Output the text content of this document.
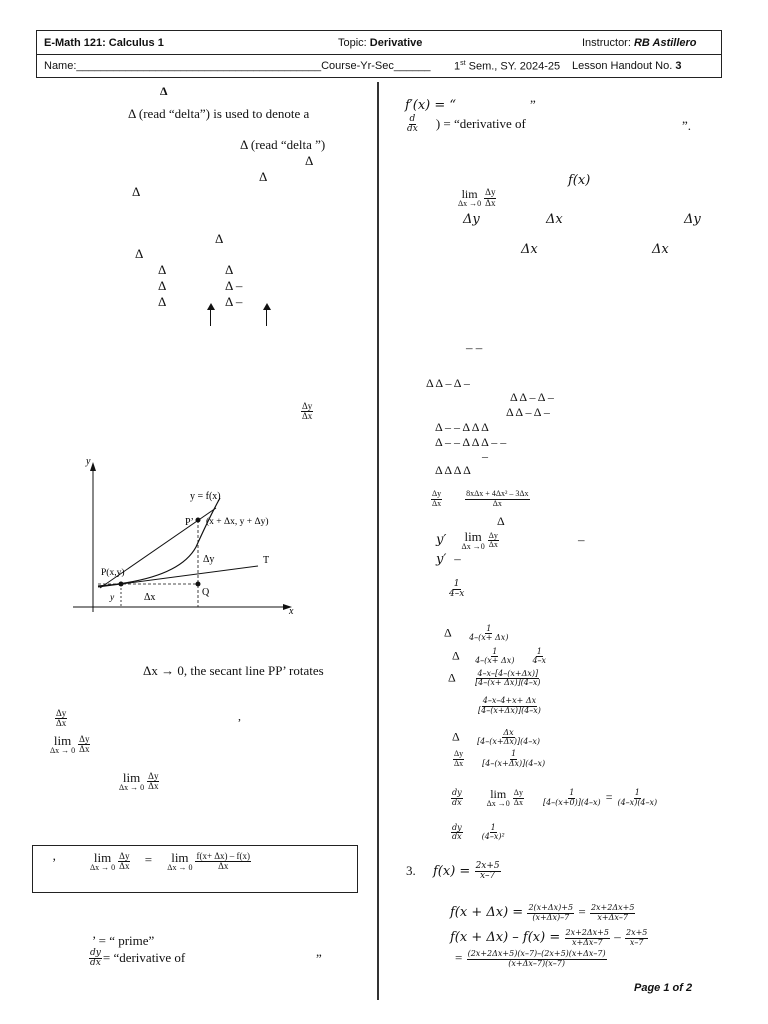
E-Math 121: Calculus 1	Topic: Derivative	Instructor: RB Astillero
Name:________________________________________Course-Yr-Sec______ 1st Sem., SY. 2024-25 Lesson Handout No. 3
Δ
Δ (read “delta”) is used to denote a
Δ (read “delta ”)
Δ
Δ
Δ
Δ
Δ
Δ	Δ
Δ	Δ –
Δ	Δ –
$\frac{\Delta y}{\Delta x}$
y
x
y = f(x)
P’ (x + Δx, y + Δy)
Δy	T
P(x,y)
y	Δx	Q
Δx → 0, the secant line PP’ rotates
$\frac{\Delta y}{\Delta x}$	,
lim
$\Delta x \to 0 \frac{\Delta y}{\Delta x}$
lim
$\Delta x \to 0 \frac{\Delta y}{\Delta x}$
’	lim
$\Delta x \to 0 \frac{\Delta y}{\Delta x} = \lim$
$\Delta x \to 0 \frac{f(x+ \Delta x) - f(x)}{\Delta x}$
’ = “ prime”
$\frac{dy}{dx}$ = “derivative of	”
f′(x) = “	”
$\frac{d}{dx}$ ) = “derivative of	”.
f(x)
lim
$\Delta x \to 0 \frac{\Delta y}{\Delta x}$
Δy	Δx	Δy
Δx	Δx
– –
Δ Δ – Δ –
Δ Δ – Δ –
Δ Δ – Δ –
Δ – – Δ Δ Δ
Δ – – Δ Δ Δ – –
–
Δ Δ Δ Δ
$\frac{\Delta y}{\Delta x}$
	$\frac{\text{8xΔx + 4Δx² – 3Δx}}{\Delta x}$
Δ
y′ lim
$\Delta x \to 0 \frac{\Delta y}{\Delta x}$	–
y′ –
$\frac{1}{4-x}$
Δ $\frac{1}{4-(x+ \Delta x)}$
Δ $\frac{1}{4-(x+ \Delta x)}$
$\frac{1}{4-x}$
Δ $\frac{4-x-[4-(x+\Delta x)]}{[4-(x+ \Delta x)](4-x)}$
$\frac{4-x-4+x+ \Delta x}{[4-(x+\Delta x)](4-x)}$
Δ $\frac{\Delta x}{[4-(x+\Delta x)](4-x)}$
$\frac{\Delta y}{\Delta x}$
$\frac{1}{[4-(x+\Delta x)](4-x)}$
$\frac{dy}{dx}$
lim
$\Delta x \to 0 \frac{\Delta y}{\Delta x}$
$\frac{1}{[4-(x+0)](4-x)} = \frac{1}{(4-x)(4-x)}$
$\frac{dy}{dx}$
$\frac{1}{\text{(4–x)²}}$
3. $f(x) = \frac{2x+5}{x-7}$
$f(x + \Delta x) = \frac{2(x+\Delta x)+5}{(x+\Delta x)-7} = \frac{2x+2\Delta x+5}{x+\Delta x-7}$
$f(x + \Delta x) - f(x) = \frac{2x+2\Delta x+5}{x+\Delta x-7} - \frac{2x+5}{x-7}$
= $\frac{(2x+2\Delta x+5)(x-7)-(2x+5)(x+\Delta x-7)}{(x+\Delta x-7)(x-7)}$
Page 1 of 2
